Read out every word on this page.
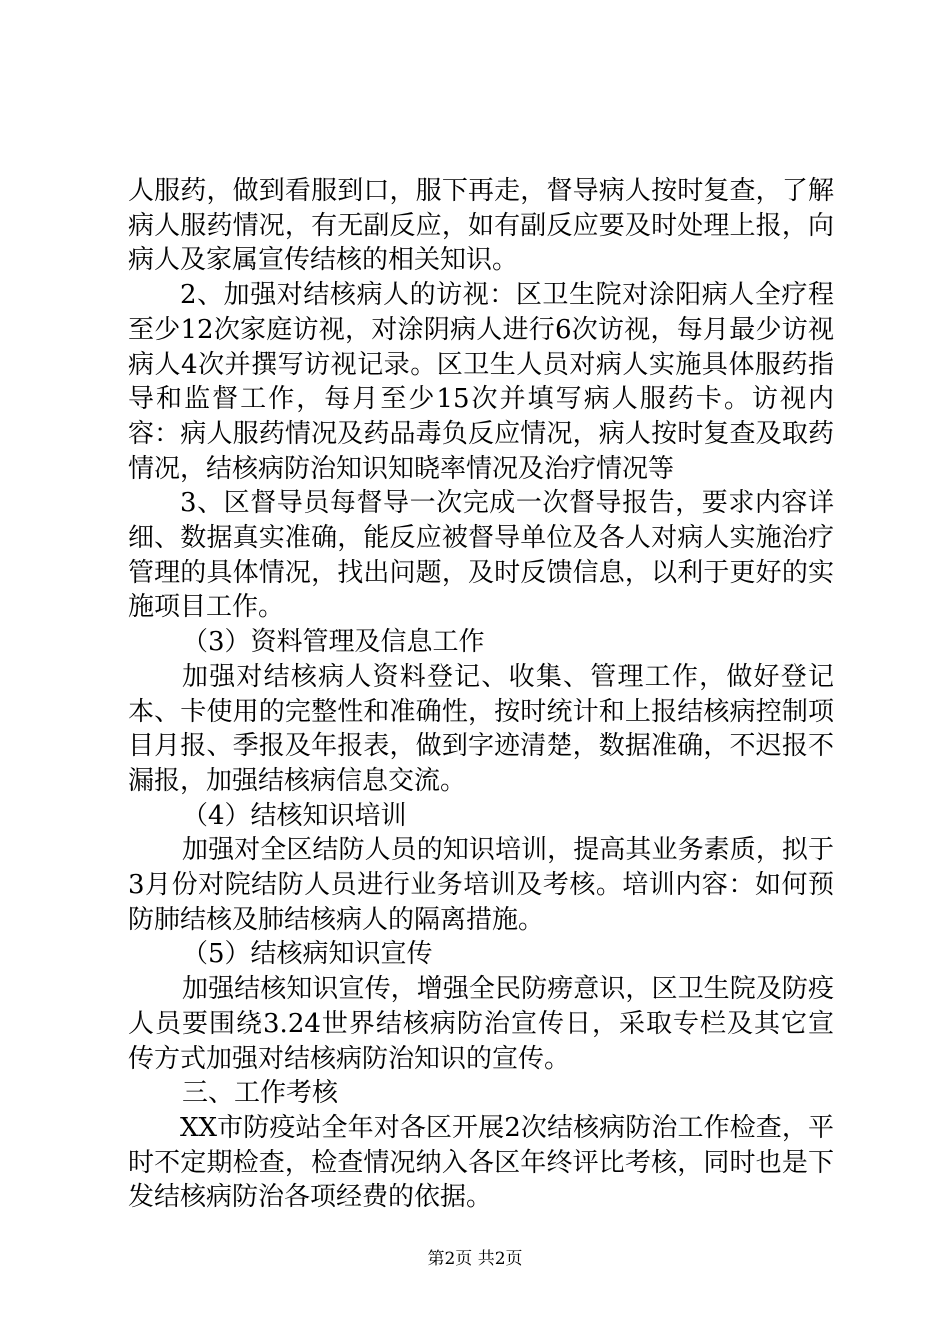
人服药，做到看服到口，服下再走，督导病人按时复查，了解病人服药情况，有无副反应，如有副反应要及时处理上报，向病人及家属宣传结核的相关知识。

2、加强对结核病人的访视：区卫生院对涂阳病人全疗程至少12次家庭访视，对涂阴病人进行6次访视，每月最少访视病人4次并撰写访视记录。区卫生人员对病人实施具体服药指导和监督工作，每月至少15次并填写病人服药卡。访视内容：病人服药情况及药品毒负反应情况，病人按时复查及取药情况，结核病防治知识知晓率情况及治疗情况等

3、区督导员每督导一次完成一次督导报告，要求内容详细、数据真实准确，能反应被督导单位及各人对病人实施治疗管理的具体情况，找出问题，及时反馈信息，以利于更好的实施项目工作。

（3）资料管理及信息工作

加强对结核病人资料登记、收集、管理工作，做好登记本、卡使用的完整性和准确性，按时统计和上报结核病控制项目月报、季报及年报表，做到字迹清楚，数据准确，不迟报不漏报，加强结核病信息交流。

（4）结核知识培训

加强对全区结防人员的知识培训，提高其业务素质，拟于3月份对院结防人员进行业务培训及考核。培训内容：如何预防肺结核及肺结核病人的隔离措施。

（5）结核病知识宣传

加强结核知识宣传，增强全民防痨意识，区卫生院及防疫人员要围绕3.24世界结核病防治宣传日，采取专栏及其它宣传方式加强对结核病防治知识的宣传。

三、工作考核

XX市防疫站全年对各区开展2次结核病防治工作检查，平时不定期检查，检查情况纳入各区年终评比考核，同时也是下发结核病防治各项经费的依据。

第2页 共2页
